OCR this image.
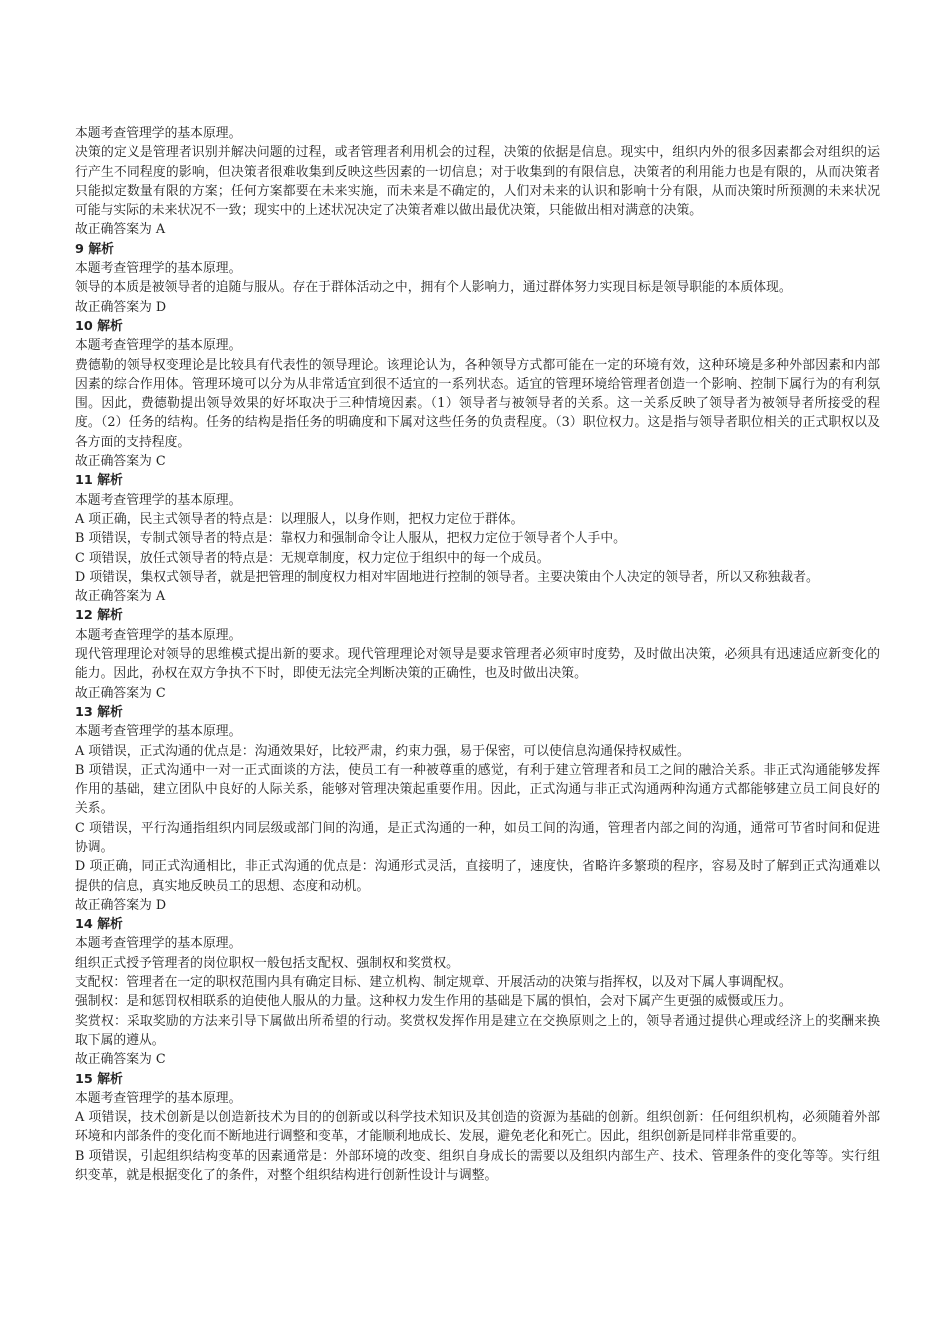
本题考查管理学的基本原理。

决策的定义是管理者识别并解决问题的过程，或者管理者利用机会的过程，决策的依据是信息。现实中，组织内外的很多因素都会对组织的运行产生不同程度的影响，但决策者很难收集到反映这些因素的一切信息；对于收集到的有限信息，决策者的利用能力也是有限的，从而决策者只能拟定数量有限的方案；任何方案都要在未来实施，而未来是不确定的，人们对未来的认识和影响十分有限，从而决策时所预测的未来状况可能与实际的未来状况不一致；现实中的上述状况决定了决策者难以做出最优决策，只能做出相对满意的决策。

故正确答案为 A

9 解析

本题考查管理学的基本原理。

领导的本质是被领导者的追随与服从。存在于群体活动之中，拥有个人影响力，通过群体努力实现目标是领导职能的本质体现。

故正确答案为 D

10 解析

本题考查管理学的基本原理。

费德勒的领导权变理论是比较具有代表性的领导理论。该理论认为，各种领导方式都可能在一定的环境有效，这种环境是多种外部因素和内部因素的综合作用体。管理环境可以分为从非常适宜到很不适宜的一系列状态。适宜的管理环境给管理者创造一个影响、控制下属行为的有利氛围。因此，费德勒提出领导效果的好坏取决于三种情境因素。（1）领导者与被领导者的关系。这一关系反映了领导者为被领导者所接受的程度。（2）任务的结构。任务的结构是指任务的明确度和下属对这些任务的负责程度。（3）职位权力。这是指与领导者职位相关的正式职权以及各方面的支持程度。

故正确答案为 C

11 解析

本题考查管理学的基本原理。

A 项正确，民主式领导者的特点是：以理服人，以身作则，把权力定位于群体。

B 项错误，专制式领导者的特点是：靠权力和强制命令让人服从，把权力定位于领导者个人手中。

C 项错误，放任式领导者的特点是：无规章制度，权力定位于组织中的每一个成员。

D 项错误，集权式领导者，就是把管理的制度权力相对牢固地进行控制的领导者。主要决策由个人决定的领导者，所以又称独裁者。

故正确答案为 A

12 解析

本题考查管理学的基本原理。

现代管理理论对领导的思维模式提出新的要求。现代管理理论对领导是要求管理者必须审时度势，及时做出决策，必须具有迅速适应新变化的能力。因此，孙权在双方争执不下时，即使无法完全判断决策的正确性，也及时做出决策。

故正确答案为 C

13 解析

本题考查管理学的基本原理。

A 项错误，正式沟通的优点是：沟通效果好，比较严肃，约束力强，易于保密，可以使信息沟通保持权威性。

B 项错误，正式沟通中一对一正式面谈的方法，使员工有一种被尊重的感觉，有利于建立管理者和员工之间的融洽关系。非正式沟通能够发挥作用的基础，建立团队中良好的人际关系，能够对管理决策起重要作用。因此，正式沟通与非正式沟通两种沟通方式都能够建立员工间良好的关系。

C 项错误，平行沟通指组织内同层级或部门间的沟通，是正式沟通的一种，如员工间的沟通，管理者内部之间的沟通，通常可节省时间和促进协调。

D 项正确，同正式沟通相比，非正式沟通的优点是：沟通形式灵活，直接明了，速度快，省略许多繁琐的程序，容易及时了解到正式沟通难以提供的信息，真实地反映员工的思想、态度和动机。

故正确答案为 D

14 解析

本题考查管理学的基本原理。

组织正式授予管理者的岗位职权一般包括支配权、强制权和奖赏权。

支配权：管理者在一定的职权范围内具有确定目标、建立机构、制定规章、开展活动的决策与指挥权，以及对下属人事调配权。

强制权：是和惩罚权相联系的迫使他人服从的力量。这种权力发生作用的基础是下属的惧怕，会对下属产生更强的威慑或压力。

奖赏权：采取奖励的方法来引导下属做出所希望的行动。奖赏权发挥作用是建立在交换原则之上的，领导者通过提供心理或经济上的奖酬来换取下属的遵从。

故正确答案为 C

15 解析

本题考查管理学的基本原理。

A 项错误，技术创新是以创造新技术为目的的创新或以科学技术知识及其创造的资源为基础的创新。组织创新：任何组织机构，必须随着外部环境和内部条件的变化而不断地进行调整和变革，才能顺利地成长、发展，避免老化和死亡。因此，组织创新是同样非常重要的。

B 项错误，引起组织结构变革的因素通常是：外部环境的改变、组织自身成长的需要以及组织内部生产、技术、管理条件的变化等等。实行组织变革，就是根据变化了的条件，对整个组织结构进行创新性设计与调整。
